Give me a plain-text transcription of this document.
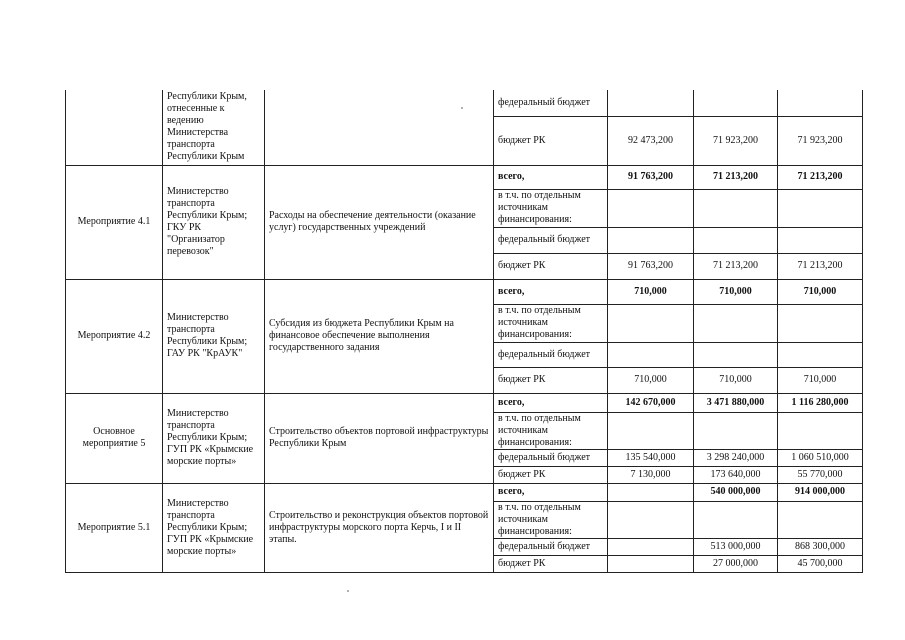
	Республики Крым, отнесенные к ведению Министерства транспорта Республики Крым		федеральный бюджет			
			бюджет РК	92 473,200	71 923,200	71 923,200
Мероприятие 4.1	Министерство транспорта Республики Крым; ГКУ РК "Организатор перевозок"	Расходы на обеспечение деятельности (оказание услуг) государственных учреждений	всего,	91 763,200	71 213,200	71 213,200
			в т.ч. по отдельным источникам финансирования:			
			федеральный бюджет			
			бюджет РК	91 763,200	71 213,200	71 213,200
Мероприятие 4.2	Министерство транспорта Республики Крым; ГАУ РК "КрАУК"	Субсидия из бюджета Республики Крым на финансовое обеспечение выполнения государственного задания	всего,	710,000	710,000	710,000
			в т.ч. по отдельным источникам финансирования:			
			федеральный бюджет			
			бюджет РК	710,000	710,000	710,000
Основное мероприятие 5	Министерство транспорта Республики Крым; ГУП РК «Крымские морские порты»	Строительство объектов портовой инфраструктуры Республики Крым	всего,	142 670,000	3 471 880,000	1 116 280,000
			в т.ч. по отдельным источникам финансирования:			
			федеральный бюджет	135 540,000	3 298 240,000	1 060 510,000
			бюджет РК	7 130,000	173 640,000	55 770,000
Мероприятие 5.1	Министерство транспорта Республики Крым; ГУП РК «Крымские морские порты»	Строительство и реконструкция объектов портовой инфраструктуры морского порта Керчь, I и II этапы.	всего,		540 000,000	914 000,000
			в т.ч. по отдельным источникам финансирования:			
			федеральный бюджет		513 000,000	868 300,000
			бюджет РК		27 000,000	45 700,000
